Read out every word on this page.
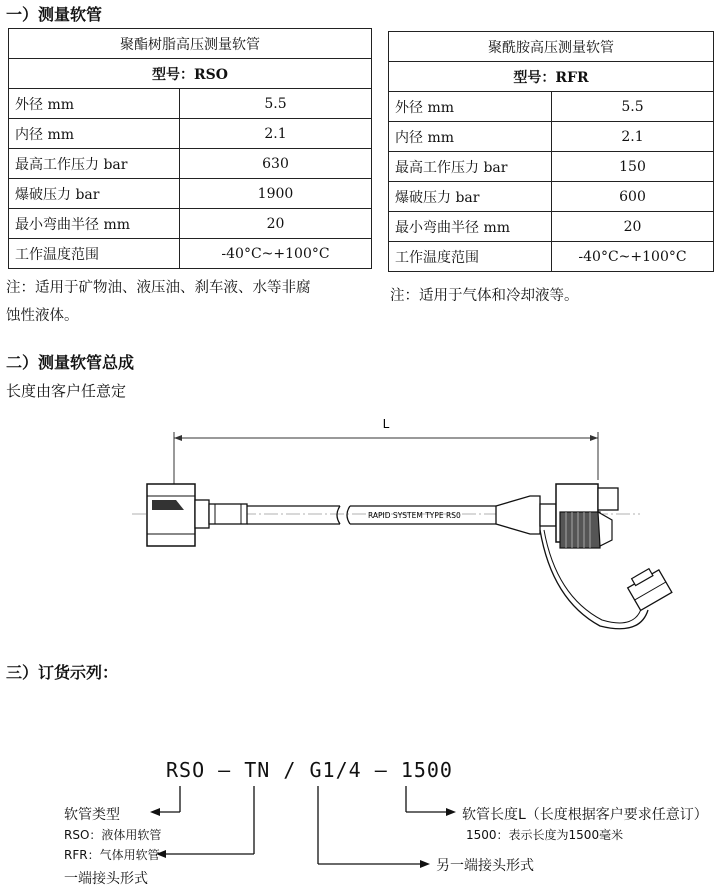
一）测量软管
聚酯树脂高压测量软管	
型号：RSO	
外径 mm	5.5
内径 mm	2.1
最高工作压力 bar	630
爆破压力 bar	1900
最小弯曲半径 mm	20
工作温度范围	-40°C~+100°C
聚酰胺高压测量软管	
型号：RFR	
外径 mm	5.5
内径 mm	2.1
最高工作压力 bar	150
爆破压力 bar	600
最小弯曲半径 mm	20
工作温度范围	-40°C~+100°C
注：适用于矿物油、液压油、刹车液、水等非腐
蚀性液体。
注：适用于气体和冷却液等。
二）测量软管总成
长度由客户任意定
L
RAPID SYSTEM TYPE RS0
三）订货示列：
RSO — TN / G1/4 — 1500
软管类型
RSO：液体用软管
RFR：气体用软管
一端接头形式
另一端接头形式
软管长度L（长度根据客户要求任意订）
1500：表示长度为1500毫米
